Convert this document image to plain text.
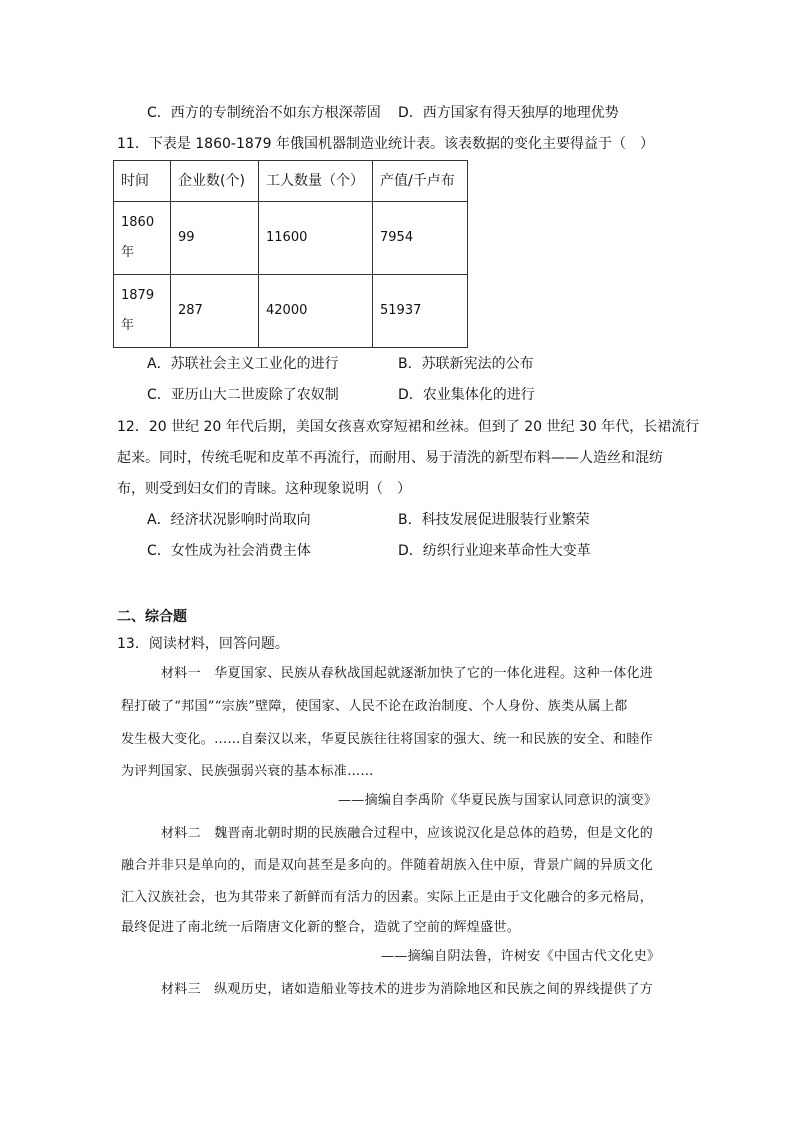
C．西方的专制统治不如东方根深蒂固 D．西方国家有得天独厚的地理优势
11．下表是 1860-1879 年俄国机器制造业统计表。该表数据的变化主要得益于（　）
时间	企业数(个)	工人数量（个）	产值/千卢布

1860
年	99	11600	7954

1879
年	287	42000	51937
A．苏联社会主义工业化的进行	B．苏联新宪法的公布
C．亚历山大二世废除了农奴制	D．农业集体化的进行
12．20 世纪 20 年代后期，美国女孩喜欢穿短裙和丝袜。但到了 20 世纪 30 年代，长裙流行
起来。同时，传统毛呢和皮革不再流行，而耐用、易于清洗的新型布料——人造丝和混纺
布，则受到妇女们的青睐。这种现象说明（　）
A．经济状况影响时尚取向	B．科技发展促进服装行业繁荣
C．女性成为社会消费主体	D．纺织行业迎来革命性大变革
二、综合题
13．阅读材料，回答问题。
材料一　华夏国家、民族从春秋战国起就逐渐加快了它的一体化进程。这种一体化进
程打破了“邦国”“宗族”壁障，使国家、人民不论在政治制度、个人身份、族类从属上都
发生极大变化。……自秦汉以来，华夏民族往往将国家的强大、统一和民族的安全、和睦作
为评判国家、民族强弱兴衰的基本标准……
——摘编自李禹阶《华夏民族与国家认同意识的演变》
材料二　魏晋南北朝时期的民族融合过程中，应该说汉化是总体的趋势，但是文化的
融合并非只是单向的，而是双向甚至是多向的。伴随着胡族入住中原，背景广阔的异质文化
汇入汉族社会，也为其带来了新鲜而有活力的因素。实际上正是由于文化融合的多元格局，
最终促进了南北统一后隋唐文化新的整合，造就了空前的辉煌盛世。
——摘编自阴法鲁，许树安《中国古代文化史》
材料三　纵观历史，诸如造船业等技术的进步为消除地区和民族之间的界线提供了方
